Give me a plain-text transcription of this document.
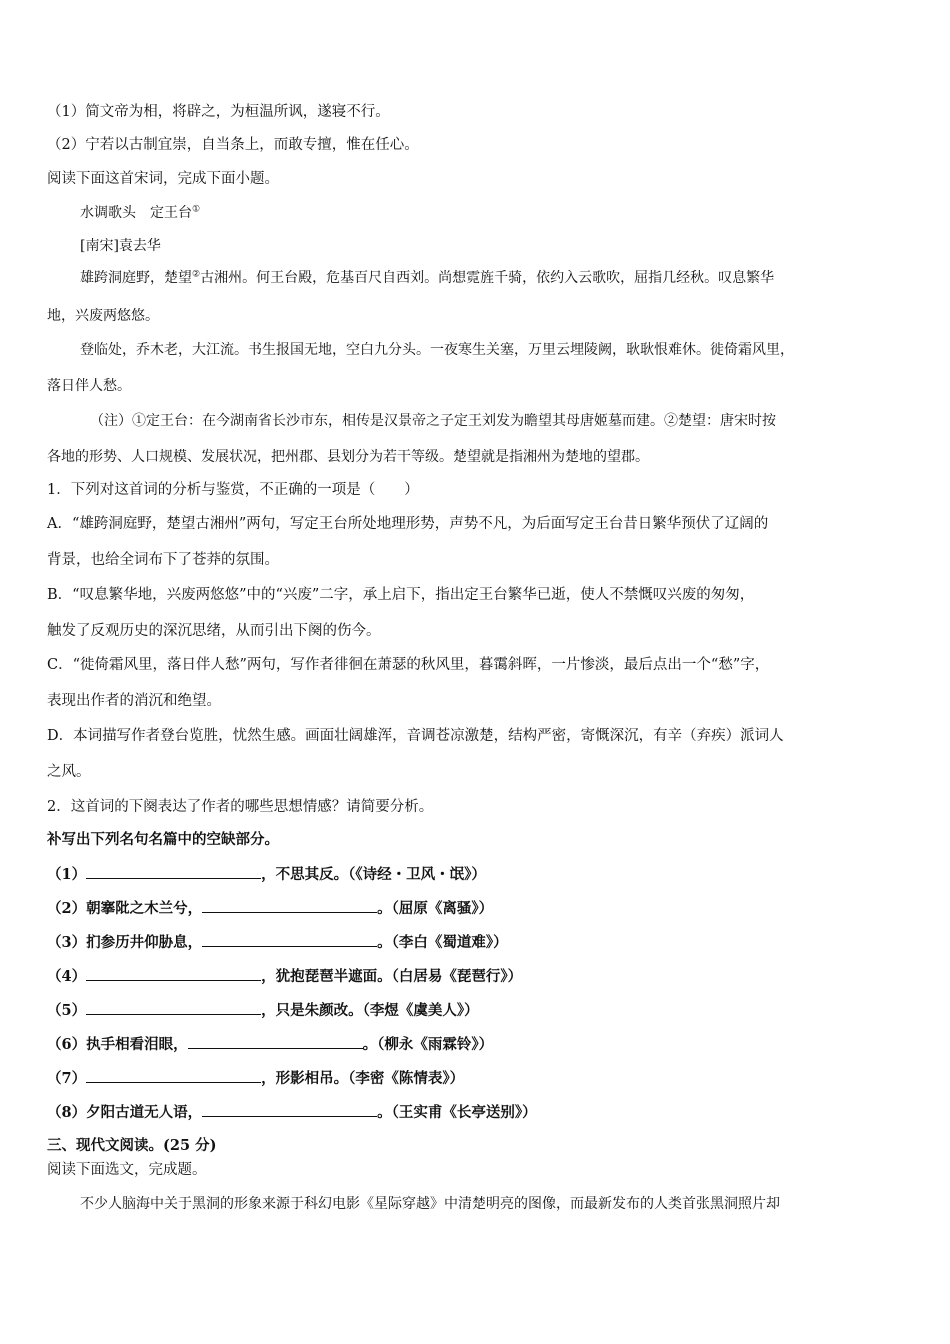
（1）简文帝为相，将辟之，为桓温所讽，遂寝不行。
（2）宁若以古制宜崇，自当条上，而敢专擅，惟在任心。
阅读下面这首宋词，完成下面小题。
水调歌头　定王台①
[南宋]袁去华
雄跨洞庭野，楚望②古湘州。何王台殿，危基百尺自西刘。尚想霓旌千骑，依约入云歌吹，屈指几经秋。叹息繁华
地，兴废两悠悠。
登临处，乔木老，大江流。书生报国无地，空白九分头。一夜寒生关塞，万里云埋陵阙，耿耿恨难休。徙倚霜风里，
落日伴人愁。
（注）①定王台：在今湖南省长沙市东，相传是汉景帝之子定王刘发为瞻望其母唐姬墓而建。②楚望：唐宋时按
各地的形势、人口规模、发展状况，把州郡、县划分为若干等级。楚望就是指湘州为楚地的望郡。
1．下列对这首词的分析与鉴赏，不正确的一项是（　　）
A．“雄跨洞庭野，楚望古湘州”两句，写定王台所处地理形势，声势不凡，为后面写定王台昔日繁华预伏了辽阔的
背景，也给全词布下了苍莽的氛围。
B．“叹息繁华地，兴废两悠悠”中的“兴废”二字，承上启下，指出定王台繁华已逝，使人不禁慨叹兴废的匆匆，
触发了反观历史的深沉思绪，从而引出下阕的伤今。
C．“徙倚霜风里，落日伴人愁”两句，写作者徘徊在萧瑟的秋风里，暮霭斜晖，一片惨淡，最后点出一个“愁”字，
表现出作者的消沉和绝望。
D．本词描写作者登台览胜，忧然生感。画面壮阔雄浑，音调苍凉激楚，结构严密，寄慨深沉，有辛（弃疾）派词人
之风。
2．这首词的下阕表达了作者的哪些思想情感？请简要分析。
补写出下列名句名篇中的空缺部分。
（1）	，不思其反。（《诗经・卫风・氓》）
（2）朝搴阰之木兰兮，	。（屈原《离骚》）
（3）扪参历井仰胁息，	。（李白《蜀道难》）
（4）	，犹抱琵琶半遮面。（白居易《琵琶行》）
（5）	，只是朱颜改。（李煜《虞美人》）
（6）执手相看泪眼，	。（柳永《雨霖铃》）
（7）	，形影相吊。（李密《陈情表》）
（8）夕阳古道无人语，	。（王实甫《长亭送别》）
三、现代文阅读。(25 分)
阅读下面选文，完成题。
不少人脑海中关于黑洞的形象来源于科幻电影《星际穿越》中清楚明亮的图像，而最新发布的人类首张黑洞照片却
